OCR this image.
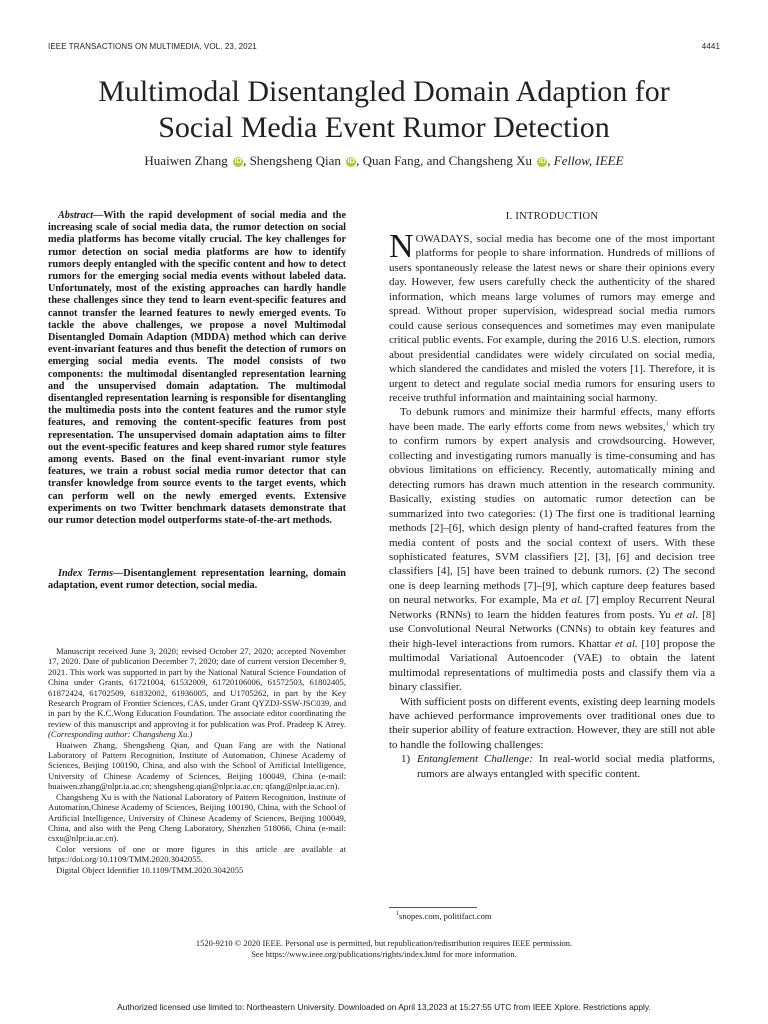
IEEE TRANSACTIONS ON MULTIMEDIA, VOL. 23, 2021	4441
Multimodal Disentangled Domain Adaption for
Social Media Event Rumor Detection
Huaiwen Zhang iD , Shengsheng Qian iD , Quan Fang, and Changsheng Xu iD , Fellow, IEEE

Abstract—With the rapid development of social media and the increasing scale of social media data, the rumor detection on social media platforms has become vitally crucial. The key challenges for rumor detection on social media platforms are how to identify rumors deeply entangled with the specific content and how to detect rumors for the emerging social media events without labeled data. Unfortunately, most of the existing approaches can hardly handle these challenges since they tend to learn event-specific features and cannot transfer the learned features to newly emerged events. To tackle the above challenges, we propose a novel Multimodal Disentangled Domain Adaption (MDDA) method which can derive event-invariant features and thus benefit the detection of rumors on emerging social media events. The model consists of two components: the multimodal disentangled representation learning and the unsupervised domain adaptation. The multimodal disentangled representation learning is responsible for disentangling the multimedia posts into the content features and the rumor style features, and removing the content-specific features from post representation. The unsupervised domain adaptation aims to filter out the event-specific features and keep shared rumor style features among events. Based on the final event-invariant rumor style features, we train a robust social media rumor detector that can transfer knowledge from source events to the target events, which can perform well on the newly emerged events. Extensive experiments on two Twitter benchmark datasets demonstrate that our rumor detection model outperforms state-of-the-art methods.

Index Terms—Disentanglement representation learning, domain adaptation, event rumor detection, social media.

Manuscript received June 3, 2020; revised October 27, 2020; accepted November 17, 2020. Date of publication December 7, 2020; date of current version December 9, 2021. This work was supported in part by the National Natural Science Foundation of China under Grants, 61721004, 61532009, 61720106006, 61572503, 61802405, 61872424, 61702509, 61832002, 61936005, and U1705262, in part by the Key Research Program of Frontier Sciences, CAS, under Grant QYZDJ-SSW-JSC039, and in part by the K.C.Wong Education Foundation. The associate editor coordinating the review of this manuscript and approving it for publication was Prof. Pradeep K Atrey. (Corresponding author: Changsheng Xu.)

Huaiwen Zhang, Shengsheng Qian, and Quan Fang are with the National Laboratory of Pattern Recognition, Institute of Automation, Chinese Academy of Sciences, Beijing 100190, China, and also with the School of Artificial Intelligence, University of Chinese Academy of Sciences, Beijing 100049, China (e-mail: huaiwen.zhang@nlpr.ia.ac.cn; shengsheng.qian@nlpr.ia.ac.cn; qfang@nlpr.ia.ac.cn).

Changsheng Xu is with the National Laboratory of Pattern Recognition, Institute of Automation,Chinese Academy of Sciences, Beijing 100190, China, with the School of Artificial Intelligence, University of Chinese Academy of Sciences, Beijing 100049, China, and also with the Peng Cheng Laboratory, Shenzhen 518066, China (e-mail: csxu@nlpr.ia.ac.cn).

Color versions of one or more figures in this article are available at https://doi.org/10.1109/TMM.2020.3042055.

Digital Object Identifier 10.1109/TMM.2020.3042055

I. INTRODUCTION

NOWADAYS, social media has become one of the most important platforms for people to share information. Hundreds of millions of users spontaneously release the latest news or share their opinions every day. However, few users carefully check the authenticity of the shared information, which means large volumes of rumors may emerge and spread. Without proper supervision, widespread social media rumors could cause serious consequences and sometimes may even manipulate critical public events. For example, during the 2016 U.S. election, rumors about presidential candidates were widely circulated on social media, which slandered the candidates and misled the voters [1]. Therefore, it is urgent to detect and regulate social media rumors for ensuring users to receive truthful information and maintaining social harmony.

To debunk rumors and minimize their harmful effects, many efforts have been made. The early efforts come from news websites,$^1$ which try to confirm rumors by expert analysis and crowdsourcing. However, collecting and investigating rumors manually is time-consuming and has obvious limitations on efficiency. Recently, automatically mining and detecting rumors has drawn much attention in the research community. Basically, existing studies on automatic rumor detection can be summarized into two categories: (1) The first one is traditional learning methods [2]–[6], which design plenty of hand-crafted features from the media content of posts and the social context of users. With these sophisticated features, SVM classifiers [2], [3], [6] and decision tree classifiers [4], [5] have been trained to debunk rumors. (2) The second one is deep learning methods [7]–[9], which capture deep features based on neural networks. For example, Ma et al. [7] employ Recurrent Neural Networks (RNNs) to learn the hidden features from posts. Yu et al. [8] use Convolutional Neural Networks (CNNs) to obtain key features and their high-level interactions from rumors. Khattar et al. [10] propose the multimodal Variational Autoencoder (VAE) to obtain the latent multimodal representations of multimedia posts and classify them via a binary classifier.

With sufficient posts on different events, existing deep learning models have achieved performance improvements over traditional ones due to their superior ability of feature extraction. However, they are still not able to handle the following challenges:

1) Entanglement Challenge: In real-world social media platforms, rumors are always entangled with specific content.

$^1$snopes.com, politifact.com
1520-9210 © 2020 IEEE. Personal use is permitted, but republication/redistribution requires IEEE permission.
See https://www.ieee.org/publications/rights/index.html for more information.
Authorized licensed use limited to: Northeastern University. Downloaded on April 13,2023 at 15:27:55 UTC from IEEE Xplore. Restrictions apply.
